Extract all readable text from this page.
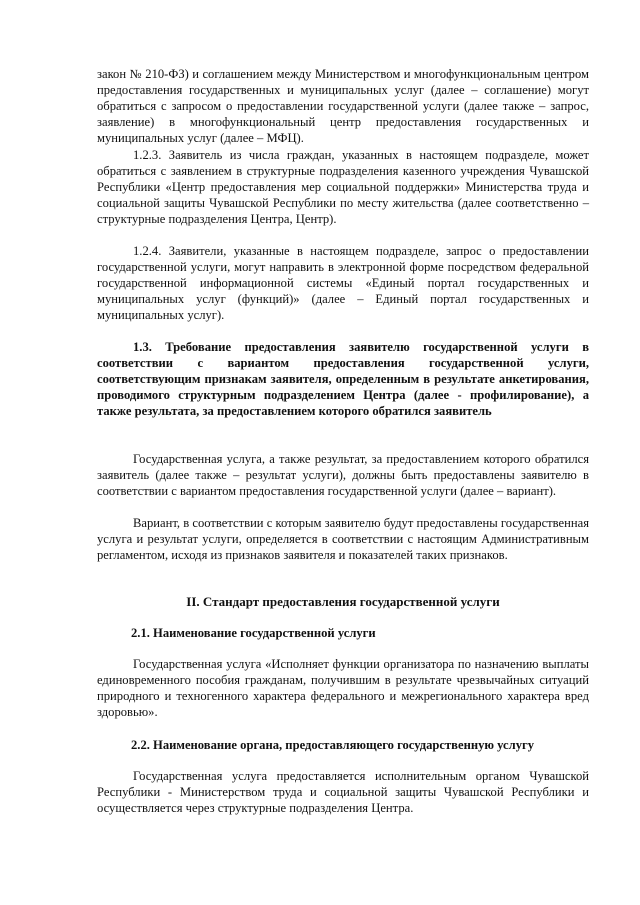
закон № 210-ФЗ) и соглашением между Министерством и многофункциональным центром предоставления государственных и муниципальных услуг (далее – соглашение) могут обратиться с запросом о предоставлении государственной услуги (далее также – запрос, заявление) в многофункциональный центр предоставления государственных и муниципальных услуг (далее – МФЦ).

1.2.3. Заявитель из числа граждан, указанных в настоящем подразделе, может обратиться с заявлением в структурные подразделения казенного учреждения Чувашской Республики «Центр предоставления мер социальной поддержки» Министерства труда и социальной защиты Чувашской Республики по месту жительства (далее соответственно – структурные подразделения Центра, Центр).

1.2.4. Заявители, указанные в настоящем подразделе, запрос о предоставлении государственной услуги, могут направить в электронной форме посредством федеральной государственной информационной системы «Единый портал государственных и муниципальных услуг (функций)» (далее – Единый портал государственных и муниципальных услуг).

1.3. Требование предоставления заявителю государственной услуги в соответствии с вариантом предоставления государственной услуги, соответствующим признакам заявителя, определенным в результате анкетирования, проводимого структурным подразделением Центра (далее - профилирование), а также результата, за предоставлением которого обратился заявитель

Государственная услуга, а также результат, за предоставлением которого обратился заявитель (далее также – результат услуги), должны быть предоставлены заявителю в соответствии с вариантом предоставления государственной услуги (далее – вариант).

Вариант, в соответствии с которым заявителю будут предоставлены государственная услуга и результат услуги, определяется в соответствии с настоящим Административным регламентом, исходя из признаков заявителя и показателей таких признаков.

II. Стандарт предоставления государственной услуги

2.1. Наименование государственной услуги

Государственная услуга «Исполняет функции организатора по назначению выплаты единовременного пособия гражданам, получившим в результате чрезвычайных ситуаций природного и техногенного характера федерального и межрегионального характера вред здоровью».

2.2. Наименование органа, предоставляющего государственную услугу

Государственная услуга предоставляется исполнительным органом Чувашской Республики - Министерством труда и социальной защиты Чувашской Республики и осуществляется через структурные подразделения Центра.
